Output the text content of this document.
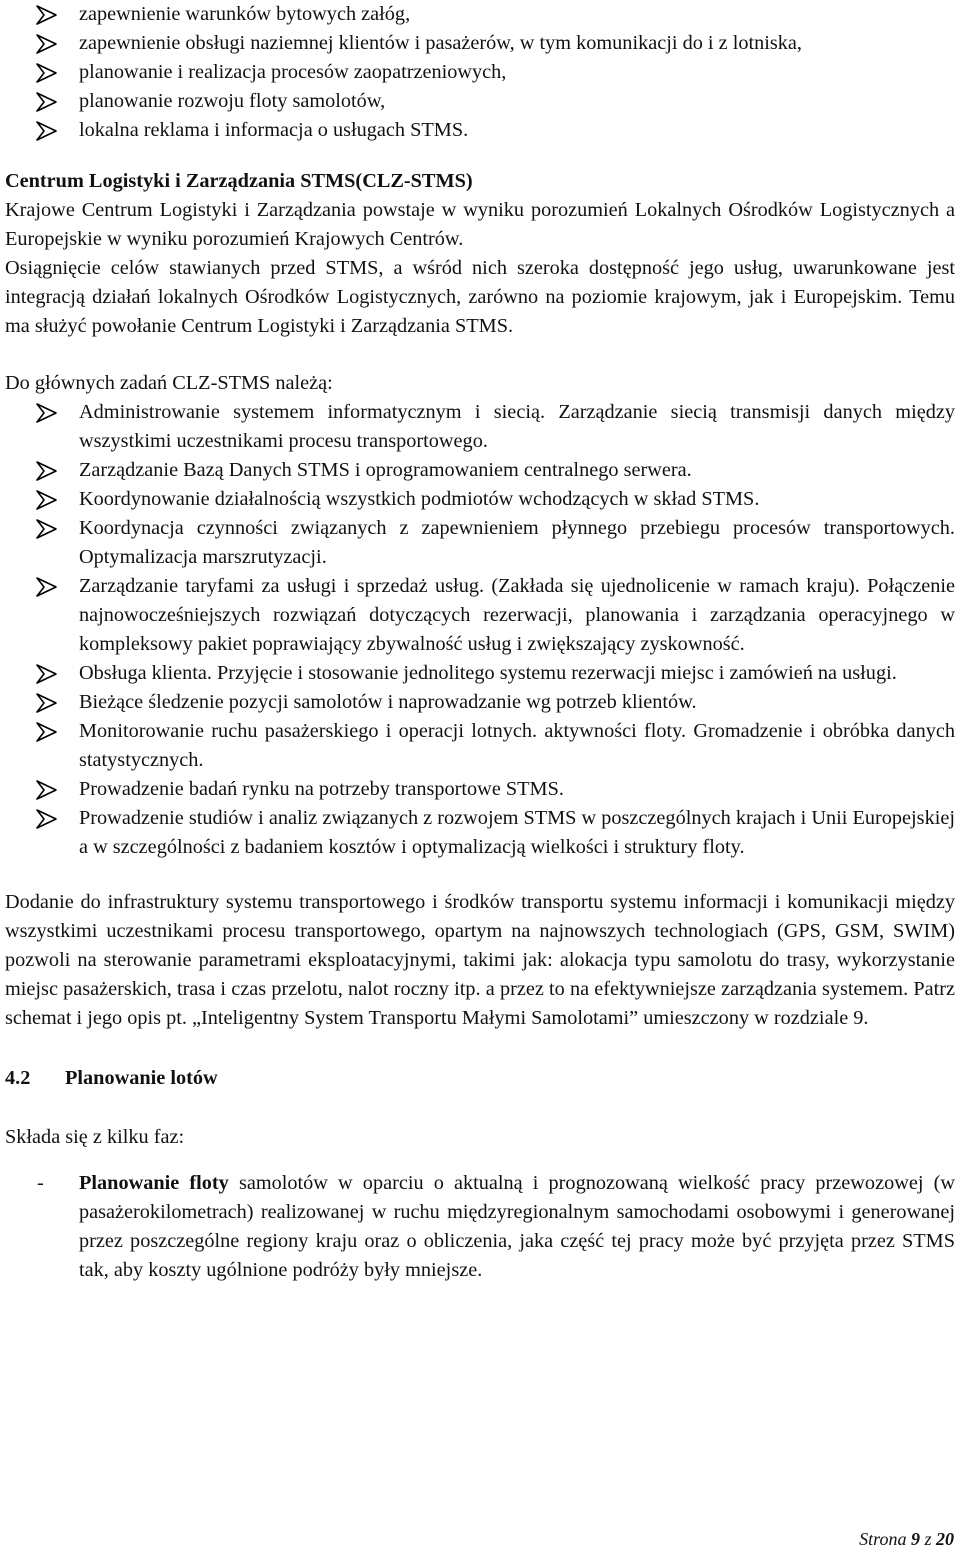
zapewnienie warunków bytowych załóg,
zapewnienie obsługi naziemnej klientów i pasażerów, w tym komunikacji do i z lotniska,
planowanie i realizacja procesów zaopatrzeniowych,
planowanie rozwoju floty samolotów,
lokalna reklama i informacja o usługach STMS.
Centrum Logistyki i Zarządzania STMS(CLZ-STMS)

Krajowe Centrum Logistyki i Zarządzania powstaje w wyniku porozumień Lokalnych Ośrodków Logistycznych a Europejskie w wyniku porozumień Krajowych Centrów.

Osiągnięcie celów stawianych przed STMS, a wśród nich szeroka dostępność jego usług, uwarunkowane jest integracją działań lokalnych Ośrodków Logistycznych, zarówno na poziomie krajowym, jak i Europejskim. Temu ma służyć powołanie Centrum Logistyki i Zarządzania STMS.

Do głównych zadań CLZ-STMS należą:

Administrowanie systemem informatycznym i siecią. Zarządzanie siecią transmisji danych między wszystkimi uczestnikami procesu transportowego.
Zarządzanie Bazą Danych STMS i oprogramowaniem centralnego serwera.
Koordynowanie działalnością wszystkich podmiotów wchodzących w skład STMS.
Koordynacja czynności związanych z zapewnieniem płynnego przebiegu procesów transportowych. Optymalizacja marszrutyzacji.
Zarządzanie taryfami za usługi i sprzedaż usług. (Zakłada się ujednolicenie w ramach kraju). Połączenie najnowocześniejszych rozwiązań dotyczących rezerwacji, planowania i zarządzania operacyjnego w kompleksowy pakiet poprawiający zbywalność usług i zwiększający zyskowność.
Obsługa klienta. Przyjęcie i stosowanie jednolitego systemu rezerwacji miejsc i zamówień na usługi.
Bieżące śledzenie pozycji samolotów i naprowadzanie wg potrzeb klientów.
Monitorowanie ruchu pasażerskiego i operacji lotnych. aktywności floty. Gromadzenie i obróbka danych statystycznych.
Prowadzenie badań rynku na potrzeby transportowe STMS.
Prowadzenie studiów i analiz związanych z rozwojem STMS w poszczególnych krajach i Unii Europejskiej a w szczególności z badaniem kosztów i optymalizacją wielkości i struktury floty.

Dodanie do infrastruktury systemu transportowego i środków transportu systemu informacji i komunikacji między wszystkimi uczestnikami procesu transportowego, opartym na najnowszych technologiach (GPS, GSM, SWIM) pozwoli na sterowanie parametrami eksploatacyjnymi, takimi jak: alokacja typu samolotu do trasy, wykorzystanie miejsc pasażerskich, trasa i czas przelotu, nalot roczny itp. a przez to na efektywniejsze zarządzania systemem. Patrz schemat i jego opis pt. „Inteligentny System Transportu Małymi Samolotami” umieszczony w rozdziale 9.

4.2	Planowanie lotów

Składa się z kilku faz:

- Planowanie floty samolotów w oparciu o aktualną i prognozowaną wielkość pracy przewozowej (w pasażerokilometrach) realizowanej w ruchu międzyregionalnym samochodami osobowymi i generowanej przez poszczególne regiony kraju oraz o obliczenia, jaka część tej pracy może być przyjęta przez STMS tak, aby koszty ugólnione podróży były mniejsze.
Strona 9 z 20
